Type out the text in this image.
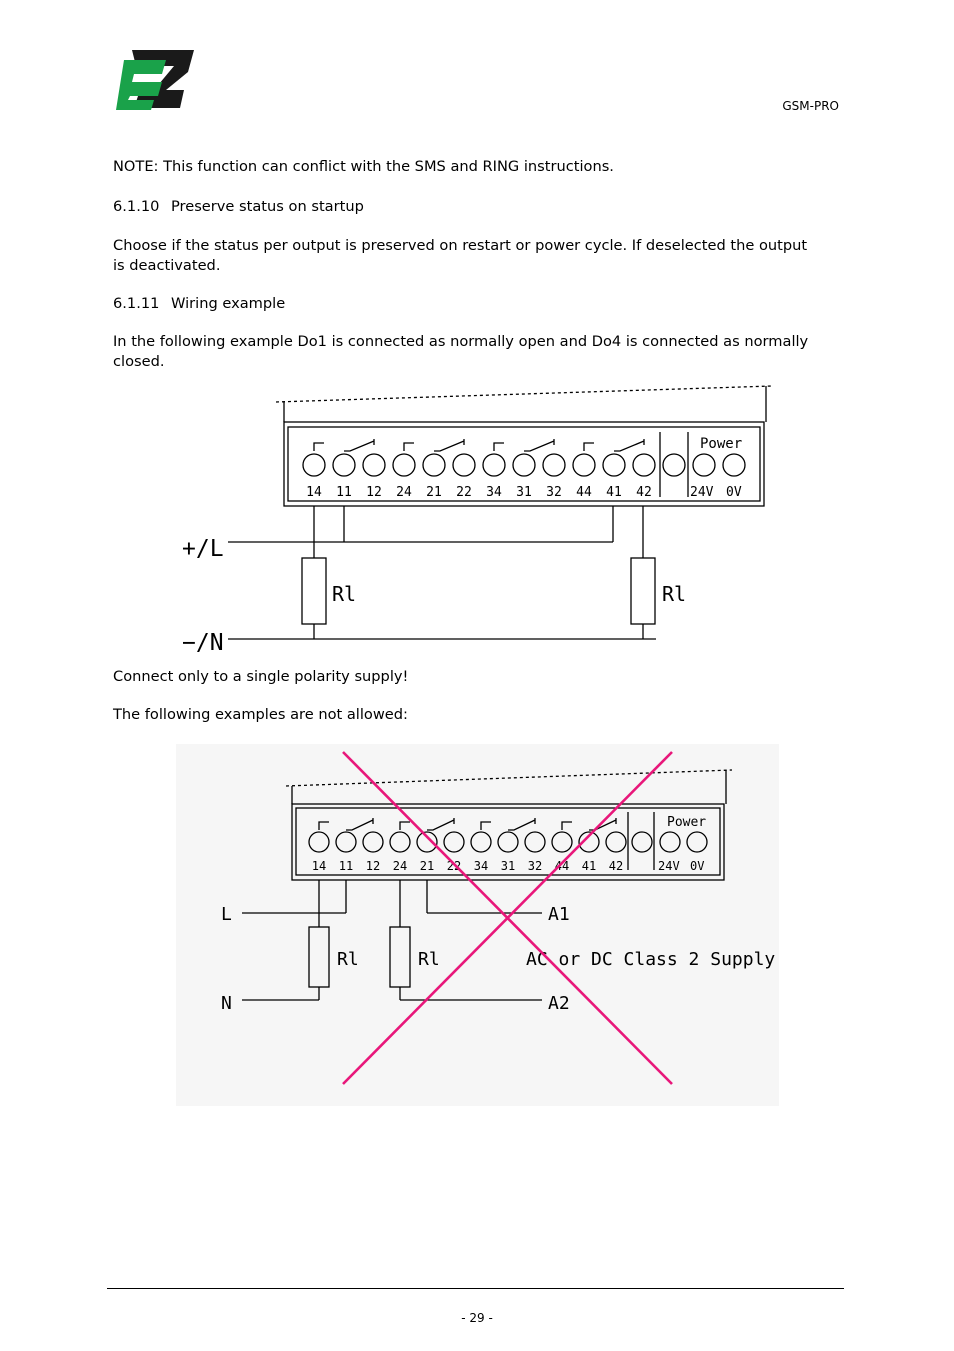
GSM-PRO
NOTE: This function can conflict with the SMS and RING instructions.
6.1.10 Preserve status on startup
Choose if the status per output is preserved on restart or power cycle. If deselected the output is deactivated.
6.1.11 Wiring example
In the following example Do1 is connected as normally open and Do4 is connected as normally closed.
14 11 12 24 21 22 34 31 32 44 41 42
Power
24V 0V
+/L
−/N
Rl	Rl
Connect only to a single polarity supply!
The following examples are not allowed:
14 11 12 24 21 22 34 31 32 44 41 42
Power
24V 0V
L
N
Rl	Rl
A1
A2
AC or DC Class 2 Supply
- 29 -
